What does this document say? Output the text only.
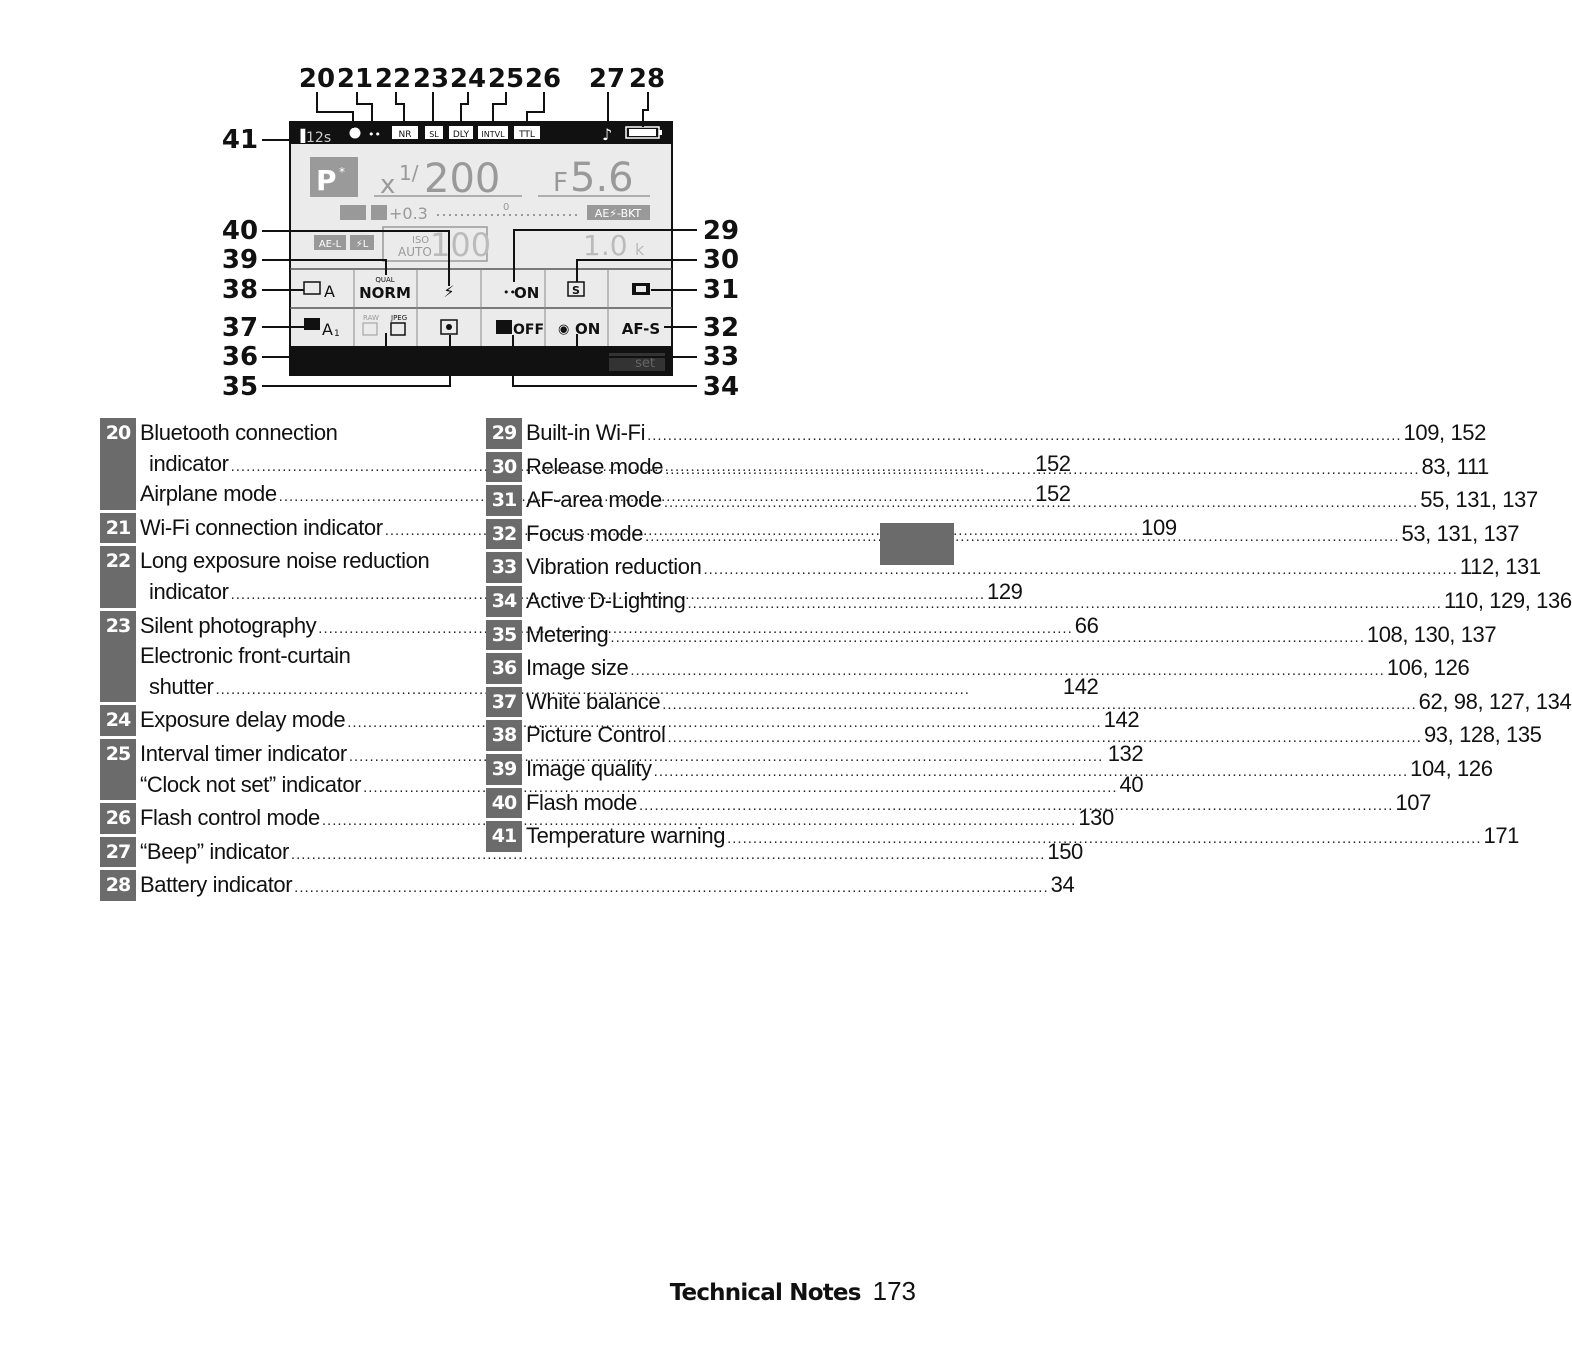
▐ 12s	•• NR SL DLY INTVL TTL	♪
P * x 1/ 200 F 5.6
+0.3	0	AE⚡-BKT
AE-L ⚡L	ISO
AUTO
100	1.0 k
A
QUAL
NORM ⚡	••
ON	S
A 1
RAW JPEG
OFF ◉ ON AF-S
set
20 21 22 23 24 25 26 27 28
41
40
39
38
37
36
35
29
30
31
32
33
34
20 Bluetooth connection
indicator .....	152
Airplane mode .....	152
21 Wi-Fi connection indicator .....	109
22 Long exposure noise reduction
indicator .....	129
23 Silent photography .....	66
Electronic front-curtain
shutter .....	142
24 Exposure delay mode .....	142
25 Interval timer indicator .....	132
“Clock not set” indicator .....	40
26 Flash control mode .....	130
27 “Beep” indicator .....	150
28 Battery indicator .....	34
29 Built-in Wi-Fi .....	109, 152
30 Release mode .....	83, 111
31 AF-area mode .....	55, 131, 137
32 Focus mode .....	53, 131, 137
33 Vibration reduction .....	112, 131
34 Active D-Lighting .....	110, 129, 136
35 Metering .....	108, 130, 137
36 Image size .....	106, 126
37 White balance .....	62, 98, 127, 134
38 Picture Control .....	93, 128, 135
39 Image quality .....	104, 126
40 Flash mode .....	107
41 Temperature warning .....	171
Technical Notes 173
